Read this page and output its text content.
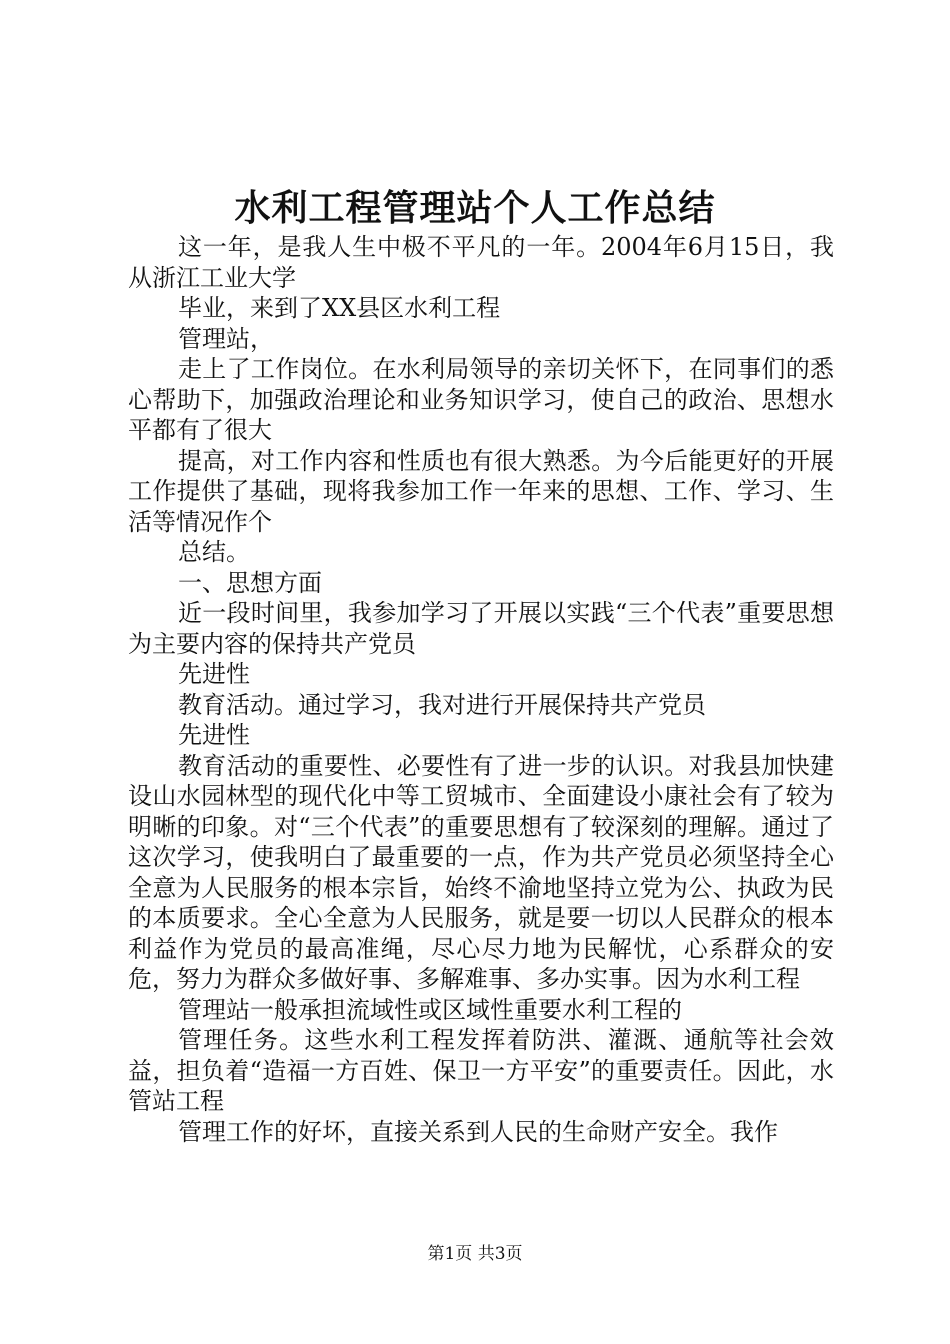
水利工程管理站个人工作总结

这一年，是我人生中极不平凡的一年。2004年6月15日，我从浙江工业大学

毕业，来到了XX县区水利工程

管理站，

走上了工作岗位。在水利局领导的亲切关怀下，在同事们的悉心帮助下，加强政治理论和业务知识学习，使自己的政治、思想水平都有了很大

提高，对工作内容和性质也有很大熟悉。为今后能更好的开展工作提供了基础，现将我参加工作一年来的思想、工作、学习、生活等情况作个

总结。

一、思想方面

近一段时间里，我参加学习了开展以实践“三个代表”重要思想为主要内容的保持共产党员

先进性

教育活动。通过学习，我对进行开展保持共产党员

先进性

教育活动的重要性、必要性有了进一步的认识。对我县加快建设山水园林型的现代化中等工贸城市、全面建设小康社会有了较为明晰的印象。对“三个代表”的重要思想有了较深刻的理解。通过了这次学习，使我明白了最重要的一点，作为共产党员必须坚持全心全意为人民服务的根本宗旨，始终不渝地坚持立党为公、执政为民的本质要求。全心全意为人民服务，就是要一切以人民群众的根本利益作为党员的最高准绳，尽心尽力地为民解忧，心系群众的安危，努力为群众多做好事、多解难事、多办实事。因为水利工程

管理站一般承担流域性或区域性重要水利工程的

管理任务。这些水利工程发挥着防洪、灌溉、通航等社会效益，担负着“造福一方百姓、保卫一方平安”的重要责任。因此，水管站工程

管理工作的好坏，直接关系到人民的生命财产安全。我作

第1页 共3页
